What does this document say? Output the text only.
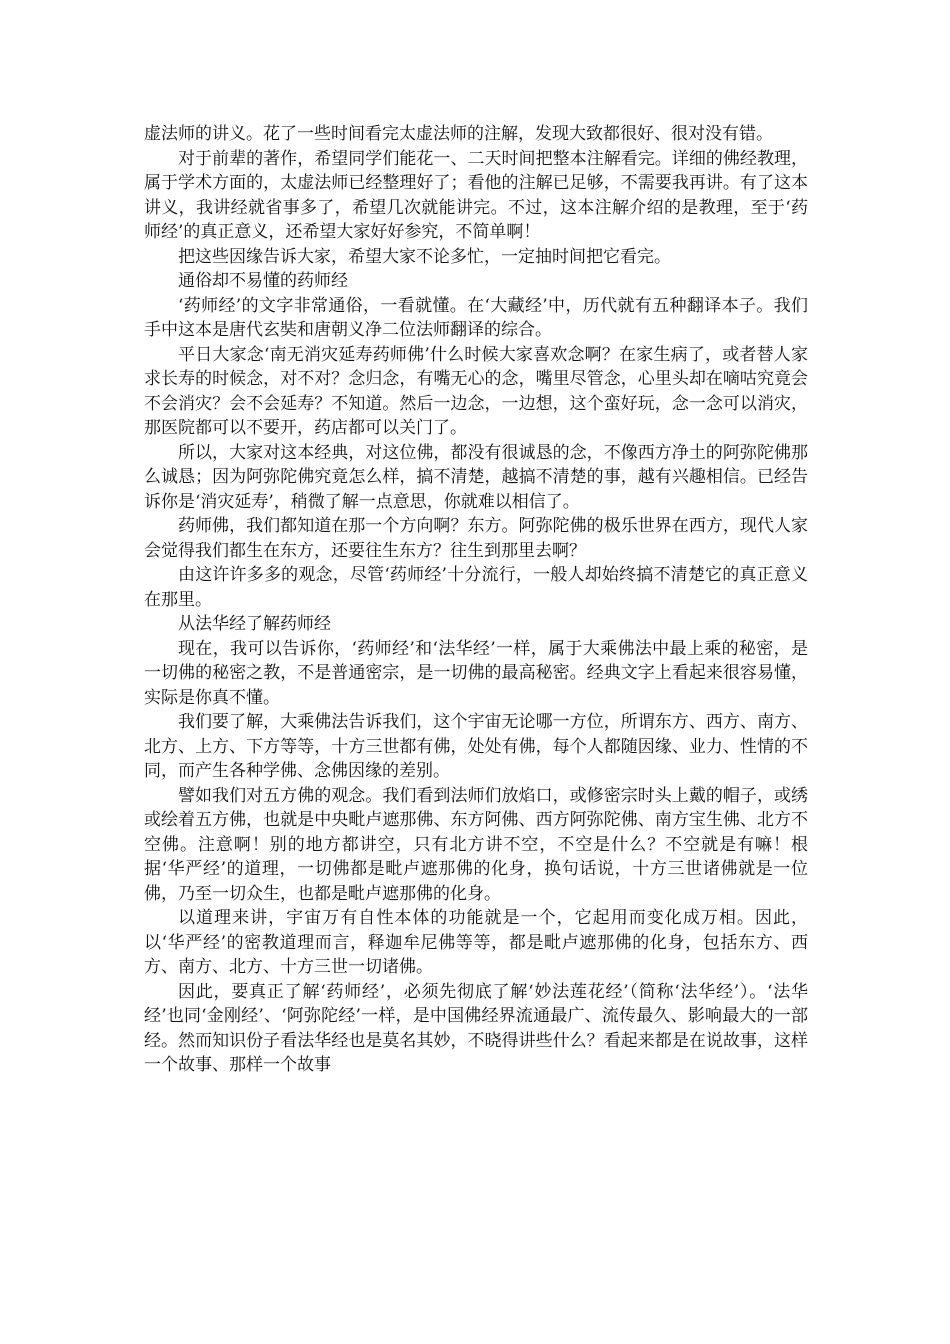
虚法师的讲义。花了一些时间看完太虚法师的注解，发现大致都很好、很对没有错。

对于前辈的著作，希望同学们能花一、二天时间把整本注解看完。详细的佛经教理，属于学术方面的，太虚法师已经整理好了；看他的注解已足够，不需要我再讲。有了这本讲义，我讲经就省事多了，希望几次就能讲完。不过，这本注解介绍的是教理，至于‘药师经’的真正意义，还希望大家好好参究，不简单啊！

把这些因缘告诉大家，希望大家不论多忙，一定抽时间把它看完。

通俗却不易懂的药师经

‘药师经’的文字非常通俗，一看就懂。在‘大藏经’中，历代就有五种翻译本子。我们手中这本是唐代玄奘和唐朝义净二位法师翻译的综合。

平日大家念‘南无消灾延寿药师佛’什么时候大家喜欢念啊？在家生病了，或者替人家求长寿的时候念，对不对？念归念，有嘴无心的念，嘴里尽管念，心里头却在嘀咕究竟会不会消灾？会不会延寿？不知道。然后一边念，一边想，这个蛮好玩，念一念可以消灾，那医院都可以不要开，药店都可以关门了。

所以，大家对这本经典，对这位佛，都没有很诚恳的念，不像西方净土的阿弥陀佛那么诚恳；因为阿弥陀佛究竟怎么样，搞不清楚，越搞不清楚的事，越有兴趣相信。已经告诉你是‘消灾延寿’，稍微了解一点意思，你就难以相信了。

药师佛，我们都知道在那一个方向啊？东方。阿弥陀佛的极乐世界在西方，现代人家会觉得我们都生在东方，还要往生东方？往生到那里去啊？

由这许许多多的观念，尽管‘药师经’十分流行，一般人却始终搞不清楚它的真正意义在那里。

从法华经了解药师经

现在，我可以告诉你，‘药师经’和‘法华经’一样，属于大乘佛法中最上乘的秘密，是一切佛的秘密之教，不是普通密宗，是一切佛的最高秘密。经典文字上看起来很容易懂，实际是你真不懂。

我们要了解，大乘佛法告诉我们，这个宇宙无论哪一方位，所谓东方、西方、南方、北方、上方、下方等等，十方三世都有佛，处处有佛，每个人都随因缘、业力、性情的不同，而产生各种学佛、念佛因缘的差别。

譬如我们对五方佛的观念。我们看到法师们放焰口，或修密宗时头上戴的帽子，或绣或绘着五方佛，也就是中央毗卢遮那佛、东方阿佛、西方阿弥陀佛、南方宝生佛、北方不空佛。注意啊！别的地方都讲空，只有北方讲不空，不空是什么？不空就是有嘛！根据‘华严经’的道理，一切佛都是毗卢遮那佛的化身，换句话说，十方三世诸佛就是一位佛，乃至一切众生，也都是毗卢遮那佛的化身。

以道理来讲，宇宙万有自性本体的功能就是一个，它起用而变化成万相。因此，以‘华严经’的密教道理而言，释迦牟尼佛等等，都是毗卢遮那佛的化身，包括东方、西方、南方、北方、十方三世一切诸佛。

因此，要真正了解‘药师经’，必须先彻底了解‘妙法莲花经’（简称‘法华经’）。‘法华经’也同‘金刚经’、‘阿弥陀经’一样，是中国佛经界流通最广、流传最久、影响最大的一部经。然而知识份子看法华经也是莫名其妙，不晓得讲些什么？看起来都是在说故事，这样一个故事、那样一个故事
